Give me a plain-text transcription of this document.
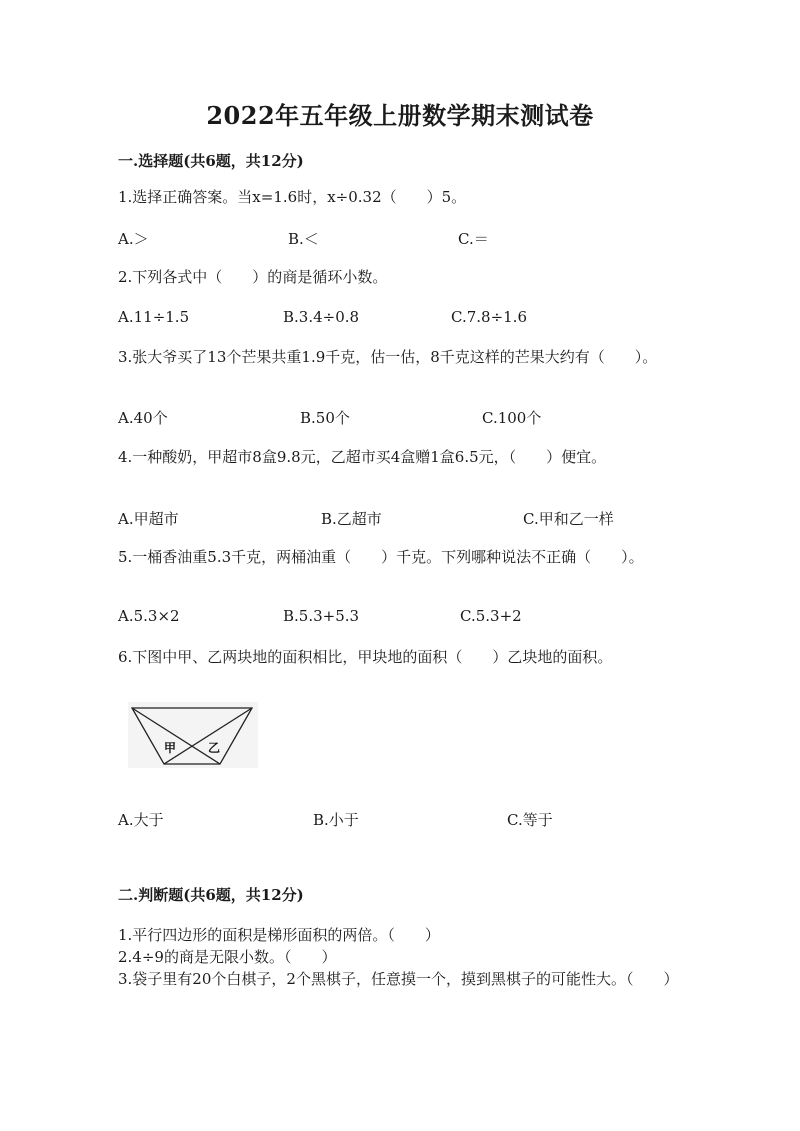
2022年五年级上册数学期末测试卷
一.选择题(共6题，共12分)
1.选择正确答案。当x=1.6时，x÷0.32（　　）5。
A.＞	B.＜	C.＝
2.下列各式中（　　）的商是循环小数。
A.11÷1.5	B.3.4÷0.8	C.7.8÷1.6
3.张大爷买了13个芒果共重1.9千克，估一估，8千克这样的芒果大约有（　　）。
A.40个	B.50个	C.100个
4.一种酸奶，甲超市8盒9.8元，乙超市买4盒赠1盒6.5元，（　　）便宜。
A.甲超市	B.乙超市	C.甲和乙一样
5.一桶香油重5.3千克，两桶油重（　　）千克。下列哪种说法不正确（　　）。
A.5.3×2	B.5.3+5.3	C.5.3+2
6.下图中甲、乙两块地的面积相比，甲块地的面积（　　）乙块地的面积。
甲	乙
A.大于	B.小于	C.等于
二.判断题(共6题，共12分)
1.平行四边形的面积是梯形面积的两倍。（　　）
2.4÷9的商是无限小数。（　　）
3.袋子里有20个白棋子，2个黑棋子，任意摸一个，摸到黑棋子的可能性大。（　　）
